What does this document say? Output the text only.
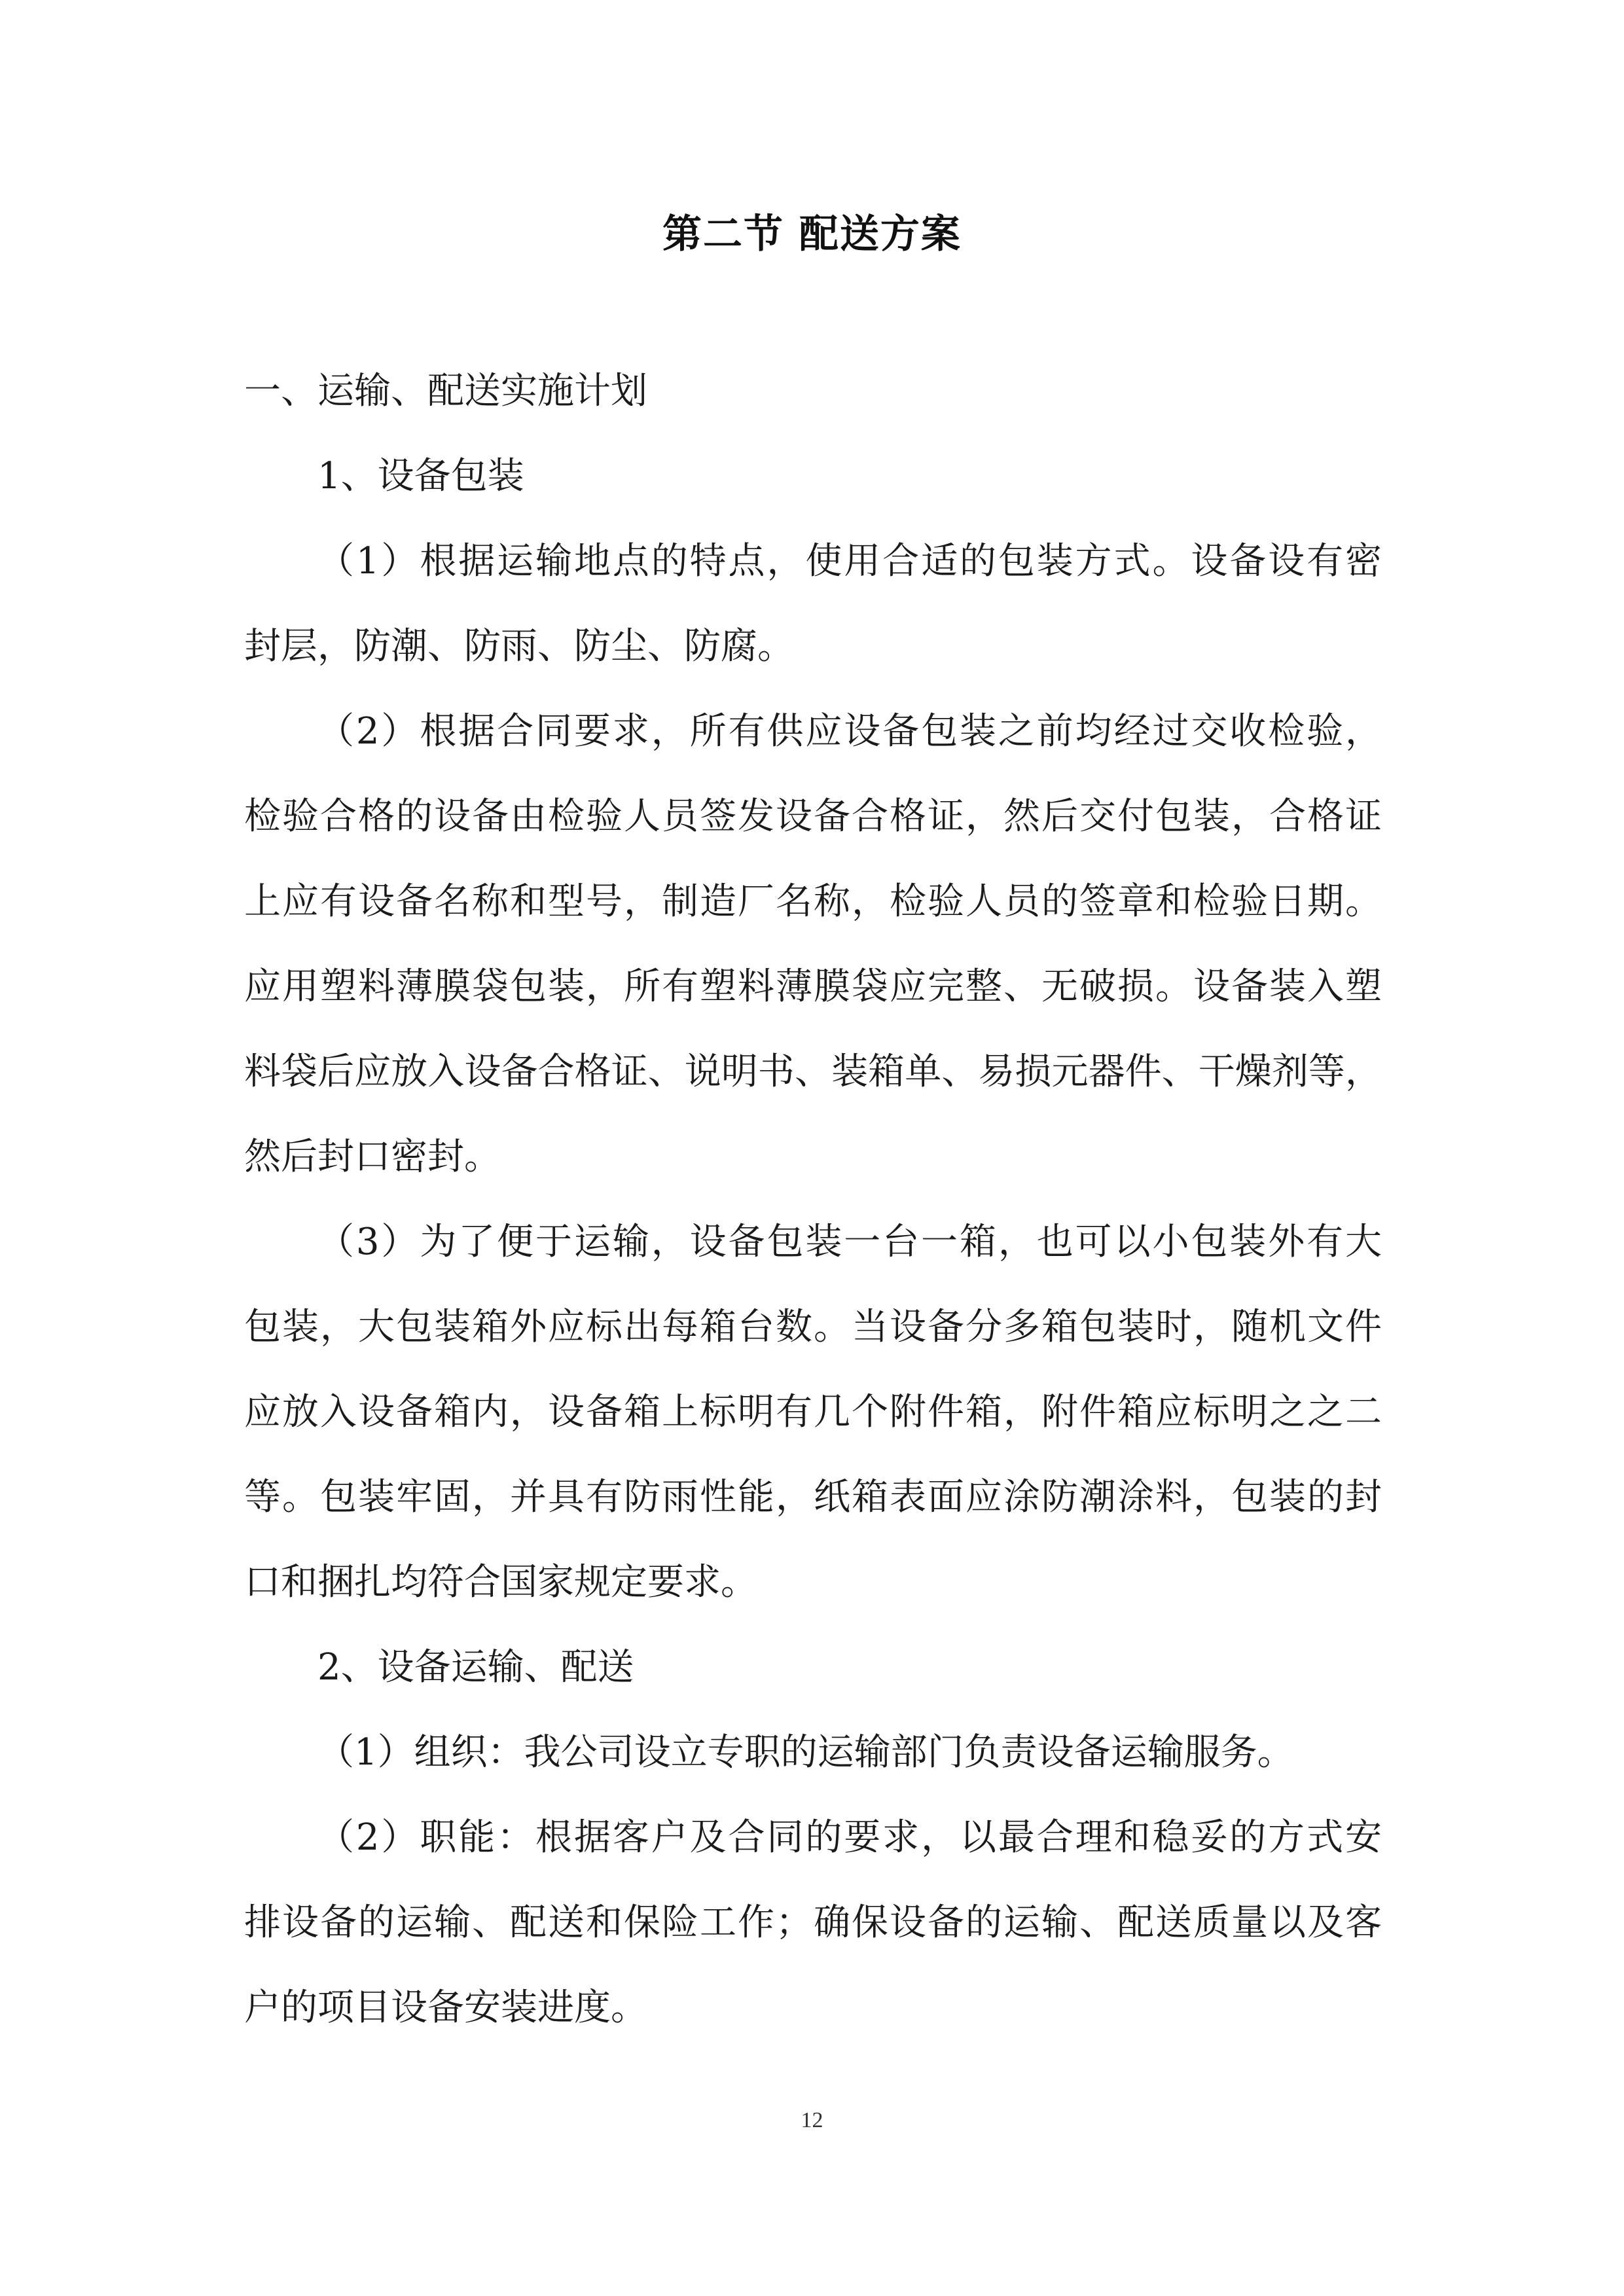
第二节 配送方案
一、运输、配送实施计划
1、设备包装
（1）根据运输地点的特点，使用合适的包装方式。设备设有密
封层，防潮、防雨、防尘、防腐。
（2）根据合同要求，所有供应设备包装之前均经过交收检验，
检验合格的设备由检验人员签发设备合格证，然后交付包装，合格证
上应有设备名称和型号，制造厂名称，检验人员的签章和检验日期。
应用塑料薄膜袋包装，所有塑料薄膜袋应完整、无破损。设备装入塑
料袋后应放入设备合格证、说明书、装箱单、易损元器件、干燥剂等，
然后封口密封。
（3）为了便于运输，设备包装一台一箱，也可以小包装外有大
包装，大包装箱外应标出每箱台数。当设备分多箱包装时，随机文件
应放入设备箱内，设备箱上标明有几个附件箱，附件箱应标明之之二
等。包装牢固，并具有防雨性能，纸箱表面应涂防潮涂料，包装的封
口和捆扎均符合国家规定要求。
2、设备运输、配送
（1）组织：我公司设立专职的运输部门负责设备运输服务。
（2）职能：根据客户及合同的要求，以最合理和稳妥的方式安
排设备的运输、配送和保险工作；确保设备的运输、配送质量以及客
户的项目设备安装进度。
12
